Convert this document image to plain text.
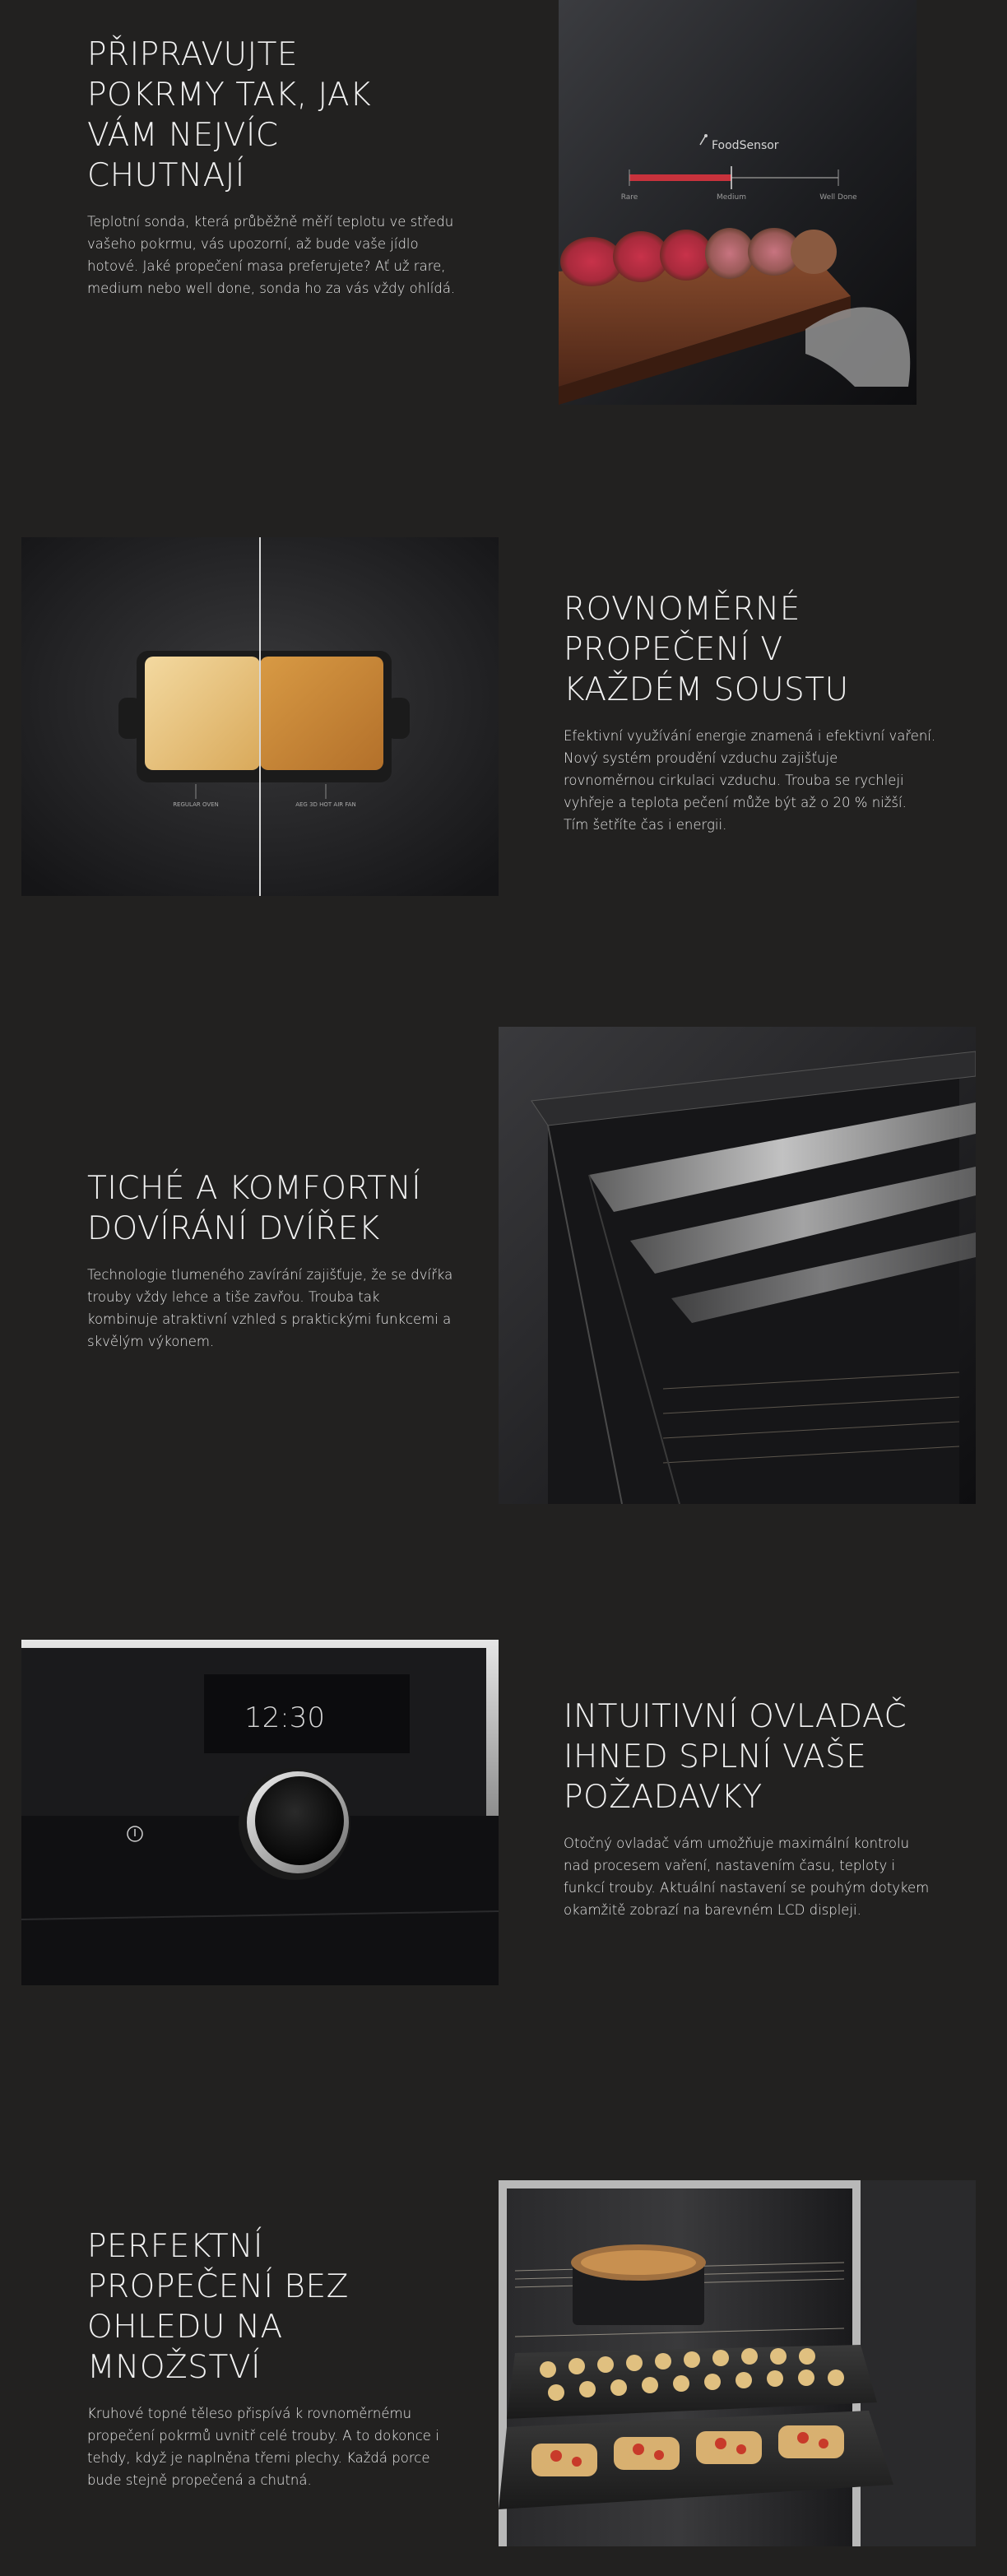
PŘIPRAVUJTE
POKRMY TAK, JAK
VÁM NEJVÍC
CHUTNAJÍ

Teplotní sonda, která průběžně měří teplotu ve středu
vašeho pokrmu, vás upozorní, až bude vaše jídlo
hotové. Jaké propečení masa preferujete? Ať už rare,
medium nebo well done, sonda ho za vás vždy ohlídá.

FoodSensor
Rare	Medium	Well Done
REGULAR OVEN	AEG 3D HOT AIR FAN
ROVNOMĚRNÉ
PROPEČENÍ V
KAŽDÉM SOUSTU

Efektivní využívání energie znamená i efektivní vaření.
Nový systém proudění vzduchu zajišťuje
rovnoměrnou cirkulaci vzduchu. Trouba se rychleji
vyhřeje a teplota pečení může být až o 20 % nižší.
Tím šetříte čas i energii.

TICHÉ A KOMFORTNÍ
DOVÍRÁNÍ DVÍŘEK

Technologie tlumeného zavírání zajišťuje, že se dvířka
trouby vždy lehce a tiše zavřou. Trouba tak
kombinuje atraktivní vzhled s praktickými funkcemi a
skvělým výkonem.

12:30	INTUITIVNÍ OVLADAČ
IHNED SPLNÍ VAŠE
POŽADAVKY

Otočný ovladač vám umožňuje maximální kontrolu
nad procesem vaření, nastavením času, teploty i
funkcí trouby. Aktuální nastavení se pouhým dotykem
okamžitě zobrazí na barevném LCD displeji.

PERFEKTNÍ
PROPEČENÍ BEZ
OHLEDU NA
MNOŽSTVÍ

Kruhové topné těleso přispívá k rovnoměrnému
propečení pokrmů uvnitř celé trouby. A to dokonce i
tehdy, když je naplněna třemi plechy. Každá porce
bude stejně propečená a chutná.
